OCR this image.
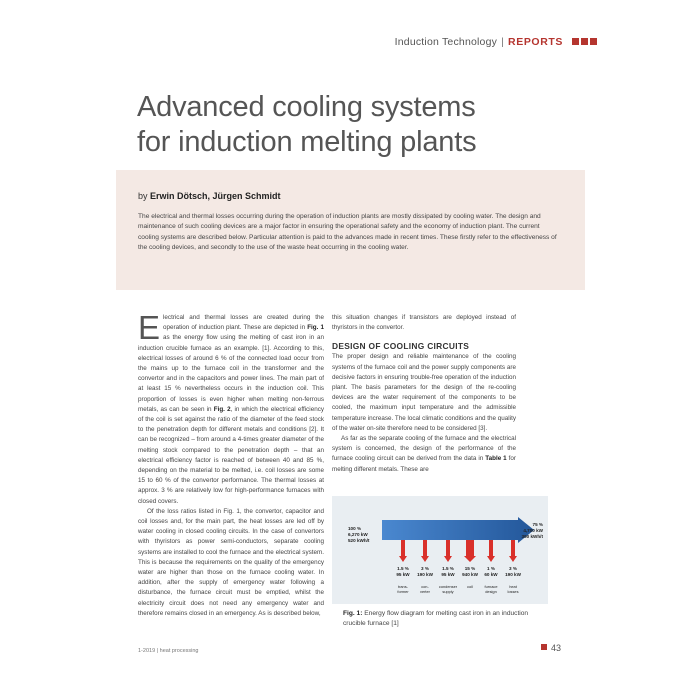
Induction Technology | REPORTS
Advanced cooling systems
for induction melting plants
by Erwin Dötsch, Jürgen Schmidt

The electrical and thermal losses occurring during the operation of induction plants are mostly dissipated by cooling water. The design and maintenance of such cooling devices are a major factor in ensuring the operational safety and the economy of induction plant. The current cooling systems are described below. Particular attention is paid to the advances made in recent times. These firstly refer to the effectiveness of the cooling devices, and secondly to the use of the waste heat occurring in the cooling water.

Electrical and thermal losses are created during the operation of induction plant. These are depicted in Fig. 1 as the energy flow using the melting of cast iron in an induction crucible furnace as an example. [1]. According to this, electrical losses of around 6 % of the connected load occur from the mains up to the furnace coil in the transformer and the convertor and in the capacitors and power lines. The main part of at least 15 % nevertheless occurs in the induction coil. This proportion of losses is even higher when melting non-ferrous metals, as can be seen in Fig. 2, in which the electrical efficiency of the coil is set against the ratio of the diameter of the feed stock to the penetration depth for different metals and conditions [2]. It can be recognized – from around a 4-times greater diameter of the melting stock compared to the penetration depth – that an electrical efficiency factor is reached of between 40 and 85 %, depending on the material to be melted, i.e. coil losses are some 15 to 60 % of the convertor performance. The thermal losses at approx. 3 % are relatively low for high-performance furnaces with closed covers.

Of the loss ratios listed in Fig. 1, the convertor, capacitor and coil losses and, for the main part, the heat losses are led off by water cooling in closed cooling circuits. In the case of convertors with thyristors as power semi-conductors, separate cooling systems are installed to cool the furnace and the electrical system. This is because the requirements on the quality of the emergency water are higher than those on the furnace cooling water. In addition, after the supply of emergency water following a disturbance, the furnace circuit must be emptied, whilst the electricity circuit does not need any emergency water and therefore remains closed in an emergency. As is described below,

this situation changes if transistors are deployed instead of thyristors in the convertor.

DESIGN OF COOLING CIRCUITS

The proper design and reliable maintenance of the cooling systems of the furnace coil and the power supply components are decisive factors in ensuring trouble-free operation of the induction plant. The basis parameters for the design of the re-cooling devices are the water requirement of the components to be cooled, the maximum input temperature and the admissible temperature increase. The local climatic conditions and the quality of the water on-site therefore need to be considered [3].

As far as the separate cooling of the furnace and the electrical system is concerned, the design of the performance of the furnace cooling circuit can be derived from the data in Table 1 for melting different metals. These are

100 %
6,270 kW
520 kWh/t
75 %
4,700 kW
390 kWh/t
1.5 %
95 kW
trans-
former
3 %
190 kW
con-
verter
1.5 %
95 kW
condenser
supply
15 %
940 kW
coil
1 %
60 kW
furnace
design
3 %
190 kW
heat
losses

Fig. 1: Energy flow diagram for melting cast iron in an induction crucible furnace [1]

1-2019 | heat processing	43
